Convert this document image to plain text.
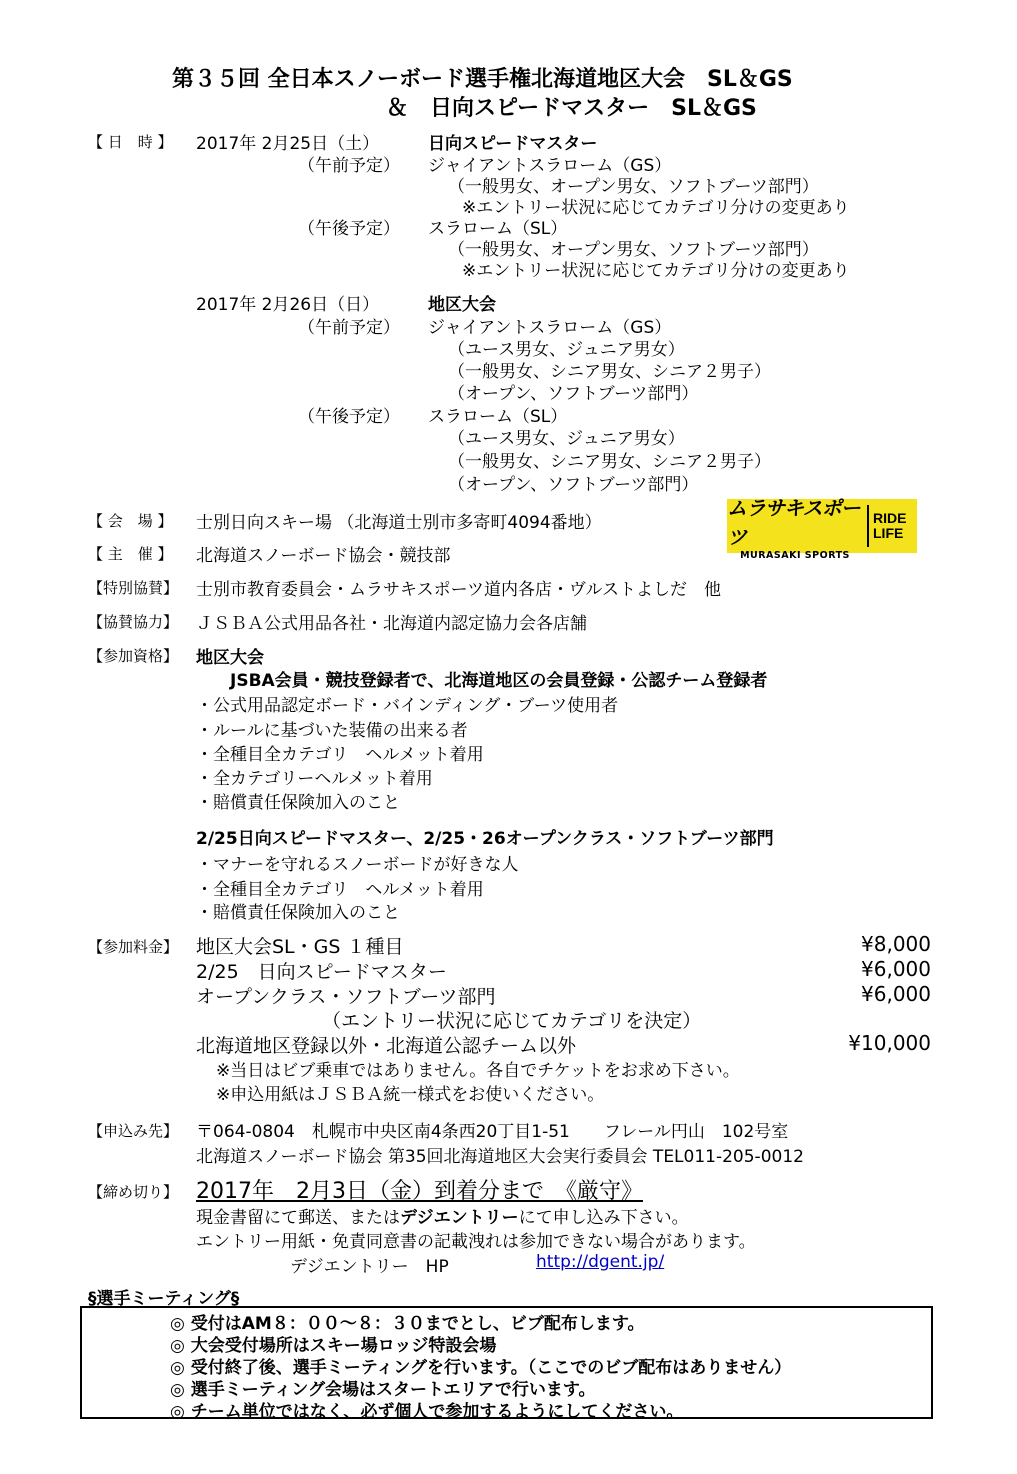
第３５回 全日本スノーボード選手権北海道地区大会　SL＆GS
＆　日向スピードマスター　SL＆GS
【 日　時 】 2017年 2月25日（土）	日向スピードマスター
（午前予定） ジャイアントスラローム（GS）
（一般男女、オープン男女、ソフトブーツ部門）
※エントリー状況に応じてカテゴリ分けの変更あり
（午後予定） スラローム（SL）
（一般男女、オープン男女、ソフトブーツ部門）
※エントリー状況に応じてカテゴリ分けの変更あり
2017年 2月26日（日）	地区大会
（午前予定） ジャイアントスラローム（GS）
（ユース男女、ジュニア男女）
（一般男女、シニア男女、シニア２男子）
（オープン、ソフトブーツ部門）
（午後予定） スラローム（SL）
（ユース男女、ジュニア男女）
（一般男女、シニア男女、シニア２男子）
（オープン、ソフトブーツ部門）
【 会　場 】 士別日向スキー場 （北海道士別市多寄町4094番地）
ムラサキスポーツ
MURASAKI SPORTS
RIDE
LIFE
【 主　催 】 北海道スノーボード協会・競技部
【特別協賛】 士別市教育委員会・ムラサキスポーツ道内各店・ヴルストよしだ　他
【協賛協力】 ＪＳＢＡ公式用品各社・北海道内認定協力会各店舗
【参加資格】 地区大会
JSBA会員・競技登録者で、北海道地区の会員登録・公認チーム登録者
・公式用品認定ボード・バインディング・ブーツ使用者
・ルールに基づいた装備の出来る者
・全種目全カテゴリ　ヘルメット着用
・全カテゴリーヘルメット着用
・賠償責任保険加入のこと
2/25日向スピードマスター、2/25・26オープンクラス・ソフトブーツ部門
・マナーを守れるスノーボードが好きな人
・全種目全カテゴリ　ヘルメット着用
・賠償責任保険加入のこと
【参加料金】 地区大会SL・GS １種目	¥8,000
2/25　日向スピードマスター	¥6,000
オープンクラス・ソフトブーツ部門	¥6,000
（エントリー状況に応じてカテゴリを決定）
北海道地区登録以外・北海道公認チーム以外	¥10,000
※当日はビブ乗車ではありません。各自でチケットをお求め下さい。
※申込用紙はＪＳＢＡ統一様式をお使いください。
【申込み先】 〒064-0804　札幌市中央区南4条西20丁目1-51　　フレール円山　102号室
北海道スノーボード協会 第35回北海道地区大会実行委員会 TEL011-205-0012
【締め切り】 2017年　2月3日（金）到着分まで　《厳守》
現金書留にて郵送、またはデジエントリーにて申し込み下さい。
エントリー用紙・免責同意書の記載洩れは参加できない場合があります。
デジエントリー　HP	http://dgent.jp/
§選手ミーティング§
◎ 受付はAM８：００～８：３０までとし、ビブ配布します。
◎ 大会受付場所はスキー場ロッジ特設会場
◎ 受付終了後、選手ミーティングを行います。（ここでのビブ配布はありません）
◎ 選手ミーティング会場はスタートエリアで行います。
◎ チーム単位ではなく、必ず個人で参加するようにしてください。
